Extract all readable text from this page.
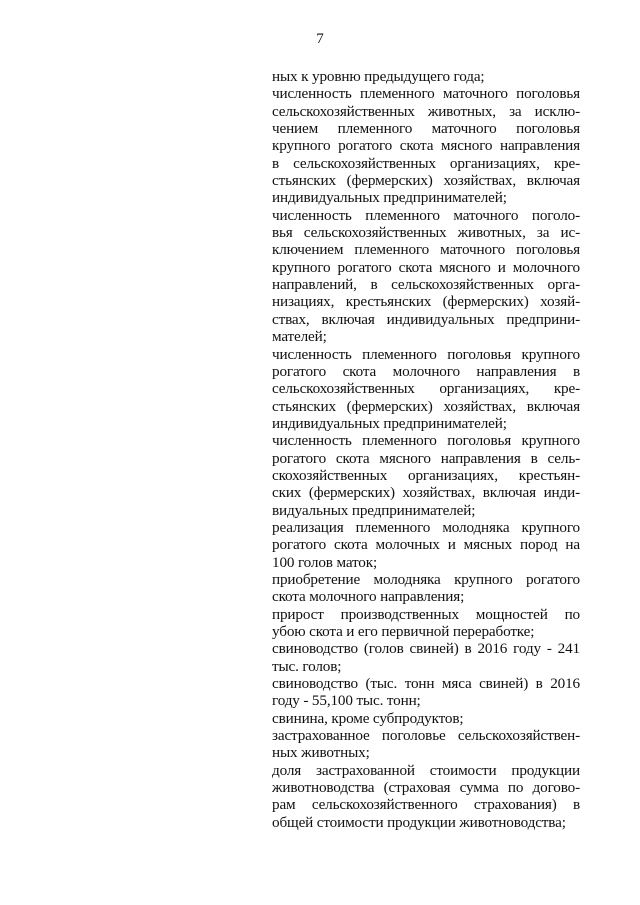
7

ных к уровню предыдущего года;

численность племенного маточного поголовья
сельскохозяйственных животных, за исклю-
чением племенного маточного поголовья
крупного рогатого скота мясного направления
в сельскохозяйственных организациях, кре-
стьянских (фермерских) хозяйствах, включая
индивидуальных предпринимателей;

численность племенного маточного поголо-
вья сельскохозяйственных животных, за ис-
ключением племенного маточного поголовья
крупного рогатого скота мясного и молочного
направлений, в сельскохозяйственных орга-
низациях, крестьянских (фермерских) хозяй-
ствах, включая индивидуальных предприни-
мателей;

численность племенного поголовья крупного
рогатого скота молочного направления в
сельскохозяйственных организациях, кре-
стьянских (фермерских) хозяйствах, включая
индивидуальных предпринимателей;

численность племенного поголовья крупного
рогатого скота мясного направления в сель-
скохозяйственных организациях, крестьян-
ских (фермерских) хозяйствах, включая инди-
видуальных предпринимателей;

реализация племенного молодняка крупного
рогатого скота молочных и мясных пород на
100 голов маток;

приобретение молодняка крупного рогатого
скота молочного направления;

прирост производственных мощностей по
убою скота и его первичной переработке;

свиноводство (голов свиней) в 2016 году - 241
тыс. голов;

свиноводство (тыс. тонн мяса свиней) в 2016
году - 55,100 тыс. тонн;

свинина, кроме субпродуктов;

застрахованное поголовье сельскохозяйствен-
ных животных;

доля застрахованной стоимости продукции
животноводства (страховая сумма по догово-
рам сельскохозяйственного страхования) в
общей стоимости продукции животноводства;
